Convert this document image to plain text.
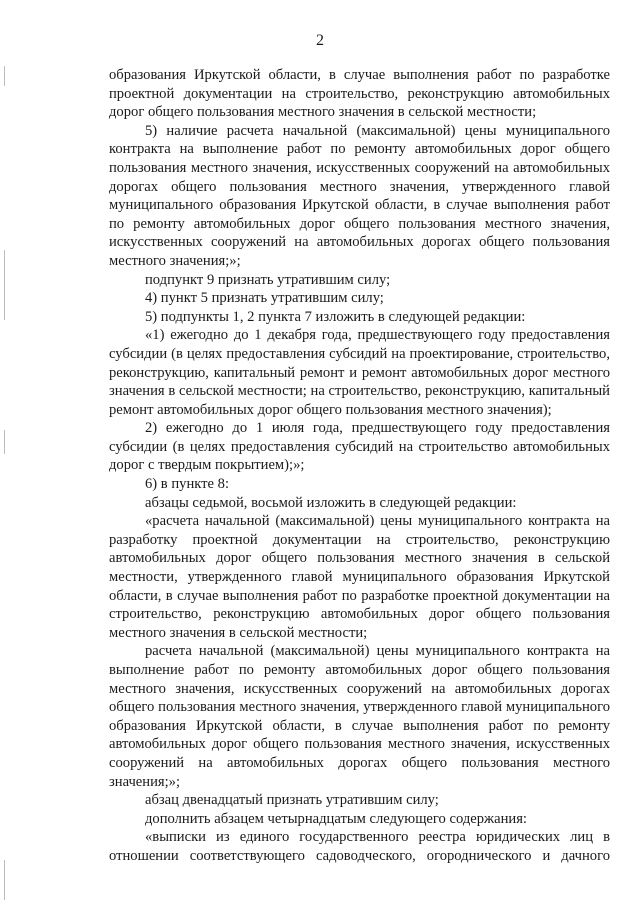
2

образования Иркутской области, в случае выполнения работ по разработке проектной документации на строительство, реконструкцию автомобильных дорог общего пользования местного значения в сельской местности;

5) наличие расчета начальной (максимальной) цены муниципального контракта на выполнение работ по ремонту автомобильных дорог общего пользования местного значения, искусственных сооружений на автомобильных дорогах общего пользования местного значения, утвержденного главой муниципального образования Иркутской области, в случае выполнения работ по ремонту автомобильных дорог общего пользования местного значения, искусственных сооружений на автомобильных дорогах общего пользования местного значения;»;

подпункт 9 признать утратившим силу;

4) пункт 5 признать утратившим силу;

5) подпункты 1, 2 пункта 7 изложить в следующей редакции:

«1) ежегодно до 1 декабря года, предшествующего году предоставления субсидии (в целях предоставления субсидий на проектирование, строительство, реконструкцию, капитальный ремонт и ремонт автомобильных дорог местного значения в сельской местности; на строительство, реконструкцию, капитальный ремонт автомобильных дорог общего пользования местного значения);

2) ежегодно до 1 июля года, предшествующего году предоставления субсидии (в целях предоставления субсидий на строительство автомобильных дорог с твердым покрытием);»;

6) в пункте 8:

абзацы седьмой, восьмой изложить в следующей редакции:

«расчета начальной (максимальной) цены муниципального контракта на разработку проектной документации на строительство, реконструкцию автомобильных дорог общего пользования местного значения в сельской местности, утвержденного главой муниципального образования Иркутской области, в случае выполнения работ по разработке проектной документации на строительство, реконструкцию автомобильных дорог общего пользования местного значения в сельской местности;

расчета начальной (максимальной) цены муниципального контракта на выполнение работ по ремонту автомобильных дорог общего пользования местного значения, искусственных сооружений на автомобильных дорогах общего пользования местного значения, утвержденного главой муниципального образования Иркутской области, в случае выполнения работ по ремонту автомобильных дорог общего пользования местного значения, искусственных сооружений на автомобильных дорогах общего пользования местного значения;»;

абзац двенадцатый признать утратившим силу;

дополнить абзацем четырнадцатым следующего содержания:

«выписки из единого государственного реестра юридических лиц в отношении соответствующего садоводческого, огороднического и дачного
